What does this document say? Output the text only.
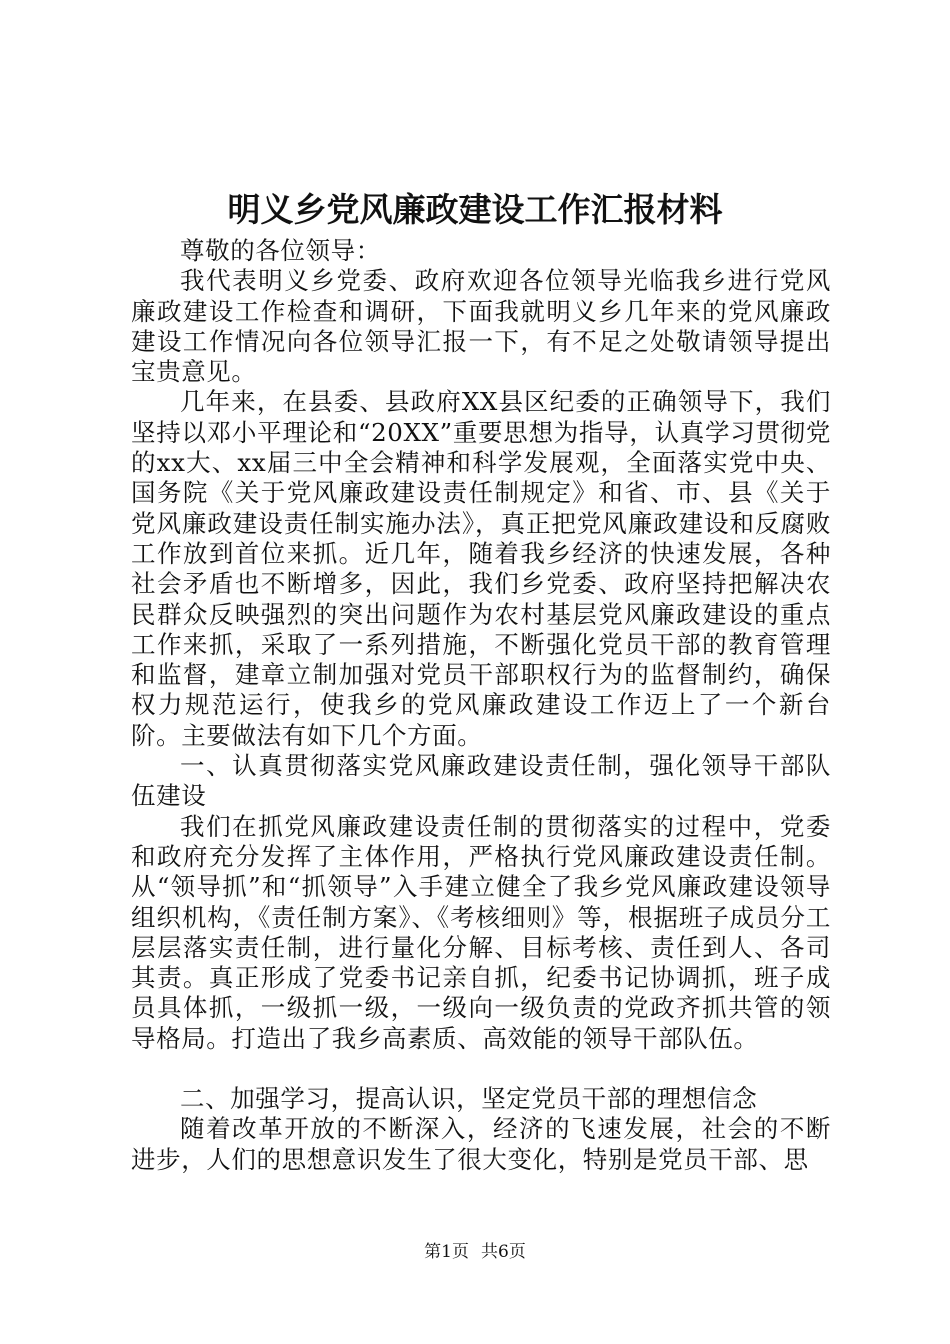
明义乡党风廉政建设工作汇报材料

尊敬的各位领导：

我代表明义乡党委、政府欢迎各位领导光临我乡进行党风廉政建设工作检查和调研，下面我就明义乡几年来的党风廉政建设工作情况向各位领导汇报一下，有不足之处敬请领导提出宝贵意见。

几年来，在县委、县政府XX县区纪委的正确领导下，我们坚持以邓小平理论和“20XX”重要思想为指导，认真学习贯彻党的xx大、xx届三中全会精神和科学发展观，全面落实党中央、国务院《关于党风廉政建设责任制规定》和省、市、县《关于党风廉政建设责任制实施办法》，真正把党风廉政建设和反腐败工作放到首位来抓。近几年，随着我乡经济的快速发展，各种社会矛盾也不断增多，因此，我们乡党委、政府坚持把解决农民群众反映强烈的突出问题作为农村基层党风廉政建设的重点工作来抓，采取了一系列措施，不断强化党员干部的教育管理和监督，建章立制加强对党员干部职权行为的监督制约，确保权力规范运行，使我乡的党风廉政建设工作迈上了一个新台阶。主要做法有如下几个方面。

一、认真贯彻落实党风廉政建设责任制，强化领导干部队伍建设

我们在抓党风廉政建设责任制的贯彻落实的过程中，党委和政府充分发挥了主体作用，严格执行党风廉政建设责任制。从“领导抓”和“抓领导”入手建立健全了我乡党风廉政建设领导组织机构，《责任制方案》、《考核细则》等，根据班子成员分工层层落实责任制，进行量化分解、目标考核、责任到人、各司其责。真正形成了党委书记亲自抓，纪委书记协调抓，班子成员具体抓，一级抓一级，一级向一级负责的党政齐抓共管的领导格局。打造出了我乡高素质、高效能的领导干部队伍。

二、加强学习，提高认识，坚定党员干部的理想信念

随着改革开放的不断深入，经济的飞速发展，社会的不断进步，人们的思想意识发生了很大变化，特别是党员干部、思

第1页 共6页
